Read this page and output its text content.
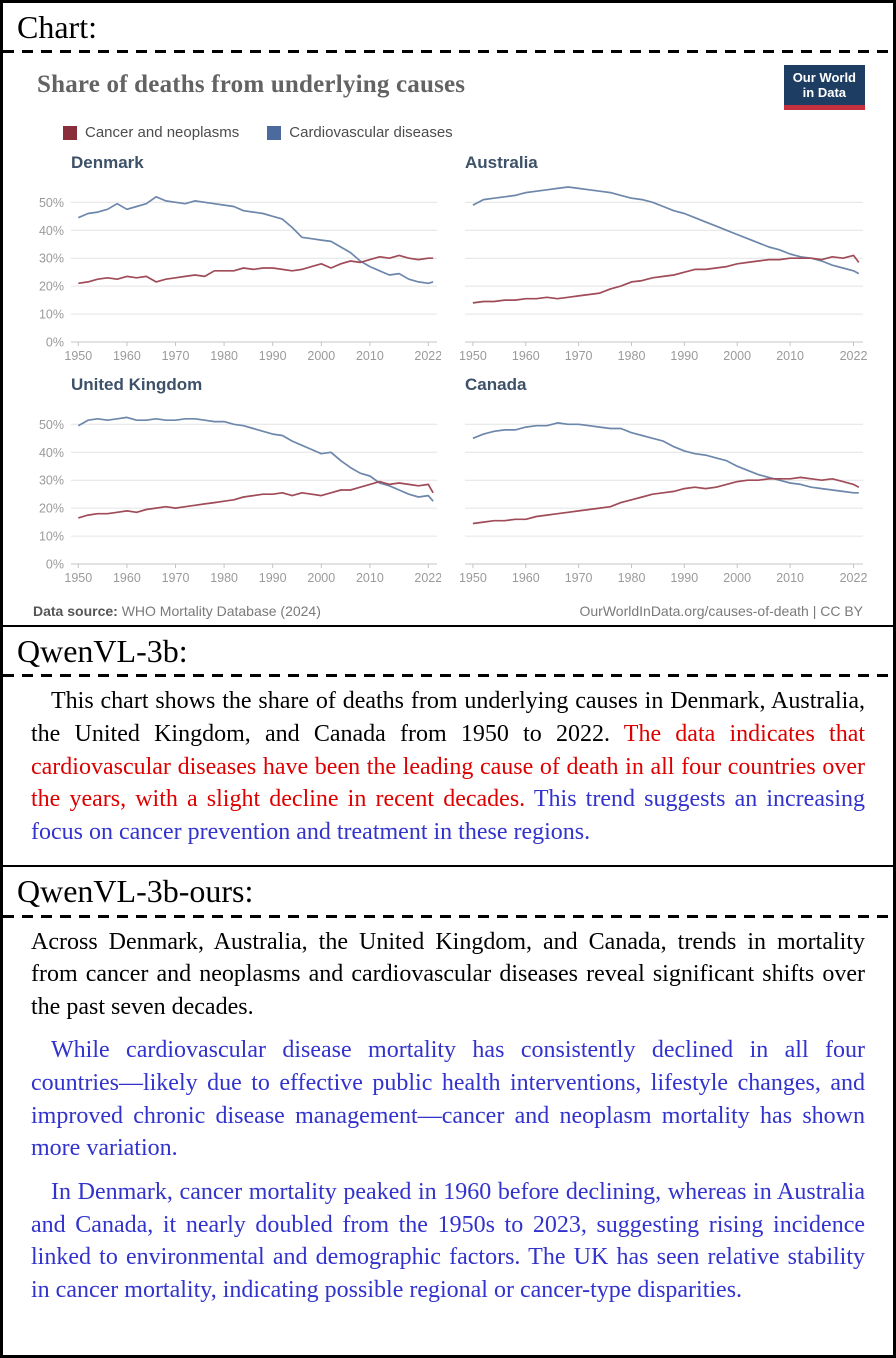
Chart:
Share of deaths from underlying causes	Our World
in Data
Cancer and neoplasms	Cardiovascular diseases
Denmark
0%
10%
20%
30%
40%
50%
1950 1960 1970 1980 1990 2000 2010 2022
Australia
1950 1960 1970 1980 1990 2000 2010	2022
United Kingdom
0%
10%
20%
30%
40%
50%
1950 1960 1970 1980 1990 2000 2010 2022
Canada
1950 1960 1970 1980 1990 2000 2010	2022
Data source: WHO Mortality Database (2024)	OurWorldInData.org/causes-of-death | CC BY
QwenVL-3b:

This chart shows the share of deaths from underlying causes in Denmark, Australia, the United Kingdom, and Canada from 1950 to 2022. The data indicates that cardiovascular diseases have been the leading cause of death in all four countries over the years, with a slight decline in recent decades. This trend suggests an increasing focus on cancer prevention and treatment in these regions.

QwenVL-3b-ours:

Across Denmark, Australia, the United Kingdom, and Canada, trends in mortality from cancer and neoplasms and cardiovascular diseases reveal significant shifts over the past seven decades.

While cardiovascular disease mortality has consistently declined in all four countries—likely due to effective public health interventions, lifestyle changes, and improved chronic disease management—cancer and neoplasm mortality has shown more variation.

In Denmark, cancer mortality peaked in 1960 before declining, whereas in Australia and Canada, it nearly doubled from the 1950s to 2023, suggesting rising incidence linked to environmental and demographic factors. The UK has seen relative stability in cancer mortality, indicating possible regional or cancer-type disparities.
